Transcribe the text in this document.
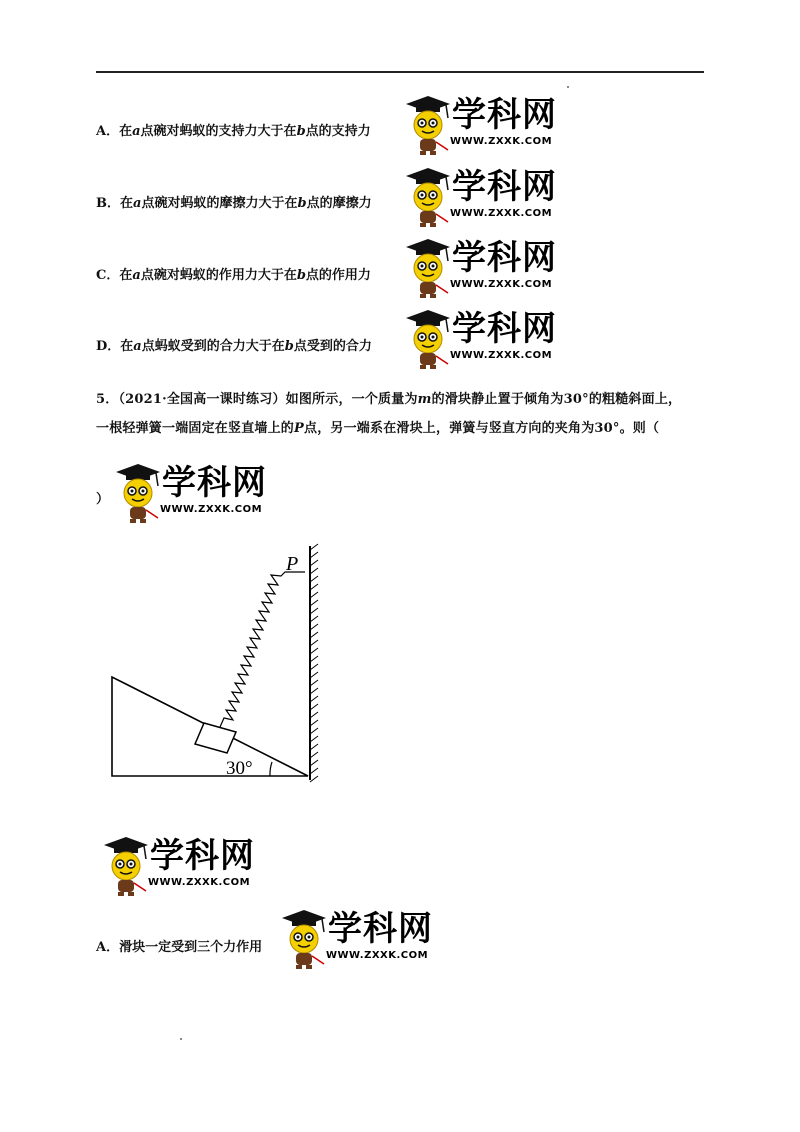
A．在a点碗对蚂蚁的支持力大于在b点的支持力
B．在a点碗对蚂蚁的摩擦力大于在b点的摩擦力
C．在a点碗对蚂蚁的作用力大于在b点的作用力
D．在a点蚂蚁受到的合力大于在b点受到的合力
5．（2021·全国高一课时练习）如图所示，一个质量为m的滑块静止置于倾角为30°的粗糙斜面上，
一根轻弹簧一端固定在竖直墙上的P点，另一端系在滑块上，弹簧与竖直方向的夹角为30°。则（
）
学科网
WWW.ZXXK.COM
学科网
WWW.ZXXK.COM
学科网
WWW.ZXXK.COM
学科网
WWW.ZXXK.COM
学科网
WWW.ZXXK.COM
P
30°
学科网
WWW.ZXXK.COM
A．滑块一定受到三个力作用 学科网
WWW.ZXXK.COM
